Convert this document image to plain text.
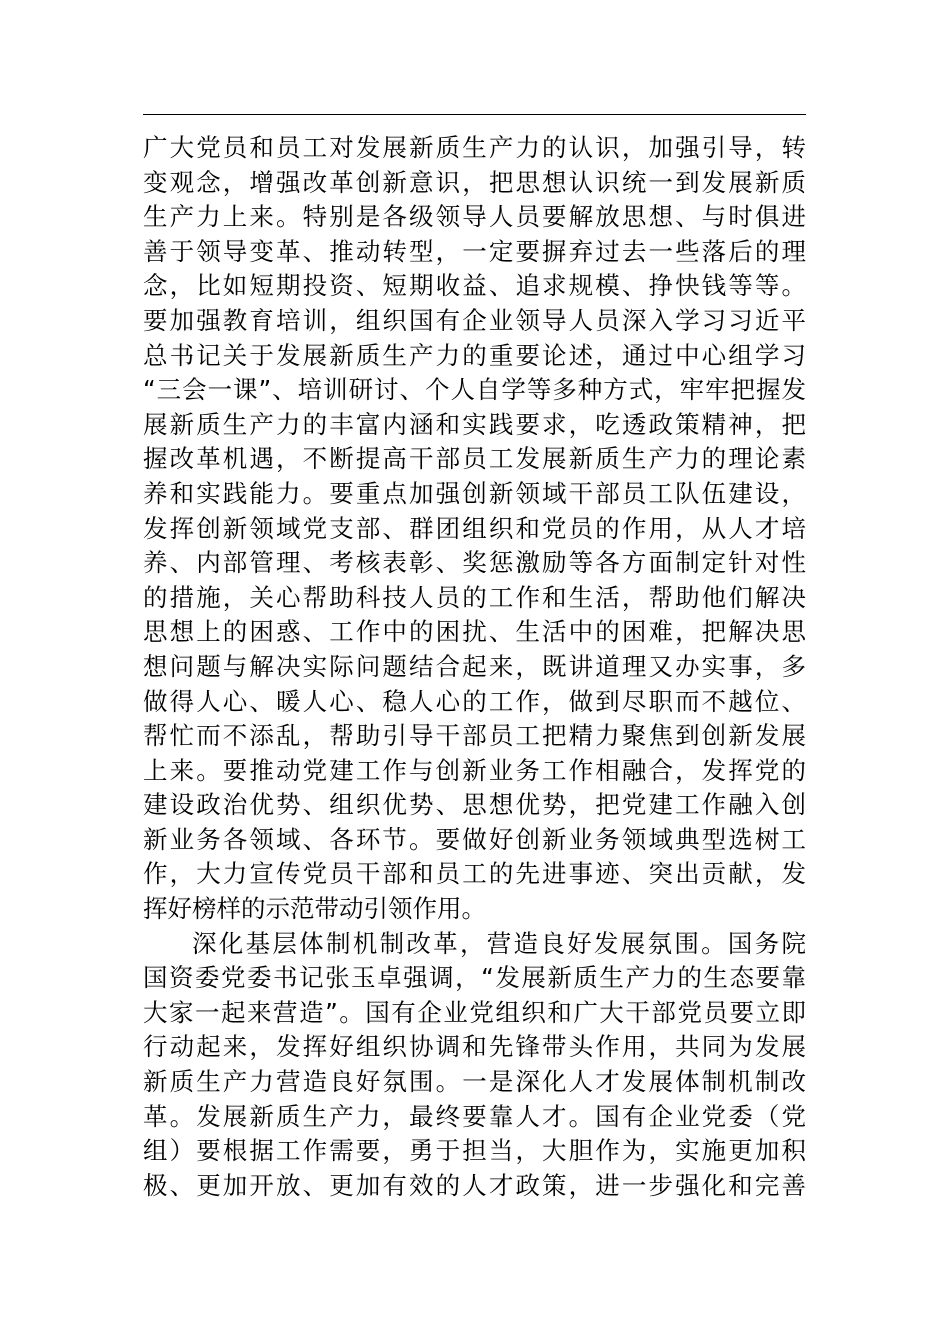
广大党员和员工对发展新质生产力的认识，加强引导，转
变观念，增强改革创新意识，把思想认识统一到发展新质
生产力上来。特别是各级领导人员要解放思想、与时俱进
善于领导变革、推动转型，一定要摒弃过去一些落后的理
念，比如短期投资、短期收益、追求规模、挣快钱等等。
要加强教育培训，组织国有企业领导人员深入学习习近平
总书记关于发展新质生产力的重要论述，通过中心组学习
“三会一课”、培训研讨、个人自学等多种方式，牢牢把握发
展新质生产力的丰富内涵和实践要求，吃透政策精神，把
握改革机遇，不断提高干部员工发展新质生产力的理论素
养和实践能力。要重点加强创新领域干部员工队伍建设，
发挥创新领域党支部、群团组织和党员的作用，从人才培
养、内部管理、考核表彰、奖惩激励等各方面制定针对性
的措施，关心帮助科技人员的工作和生活，帮助他们解决
思想上的困惑、工作中的困扰、生活中的困难，把解决思
想问题与解决实际问题结合起来，既讲道理又办实事，多
做得人心、暖人心、稳人心的工作，做到尽职而不越位、
帮忙而不添乱，帮助引导干部员工把精力聚焦到创新发展
上来。要推动党建工作与创新业务工作相融合，发挥党的
建设政治优势、组织优势、思想优势，把党建工作融入创
新业务各领域、各环节。要做好创新业务领域典型选树工
作，大力宣传党员干部和员工的先进事迹、突出贡献，发
挥好榜样的示范带动引领作用。
深化基层体制机制改革，营造良好发展氛围。国务院
国资委党委书记张玉卓强调，“发展新质生产力的生态要靠
大家一起来营造”。国有企业党组织和广大干部党员要立即
行动起来，发挥好组织协调和先锋带头作用，共同为发展
新质生产力营造良好氛围。一是深化人才发展体制机制改
革。发展新质生产力，最终要靠人才。国有企业党委（党
组）要根据工作需要，勇于担当，大胆作为，实施更加积
极、更加开放、更加有效的人才政策，进一步强化和完善
